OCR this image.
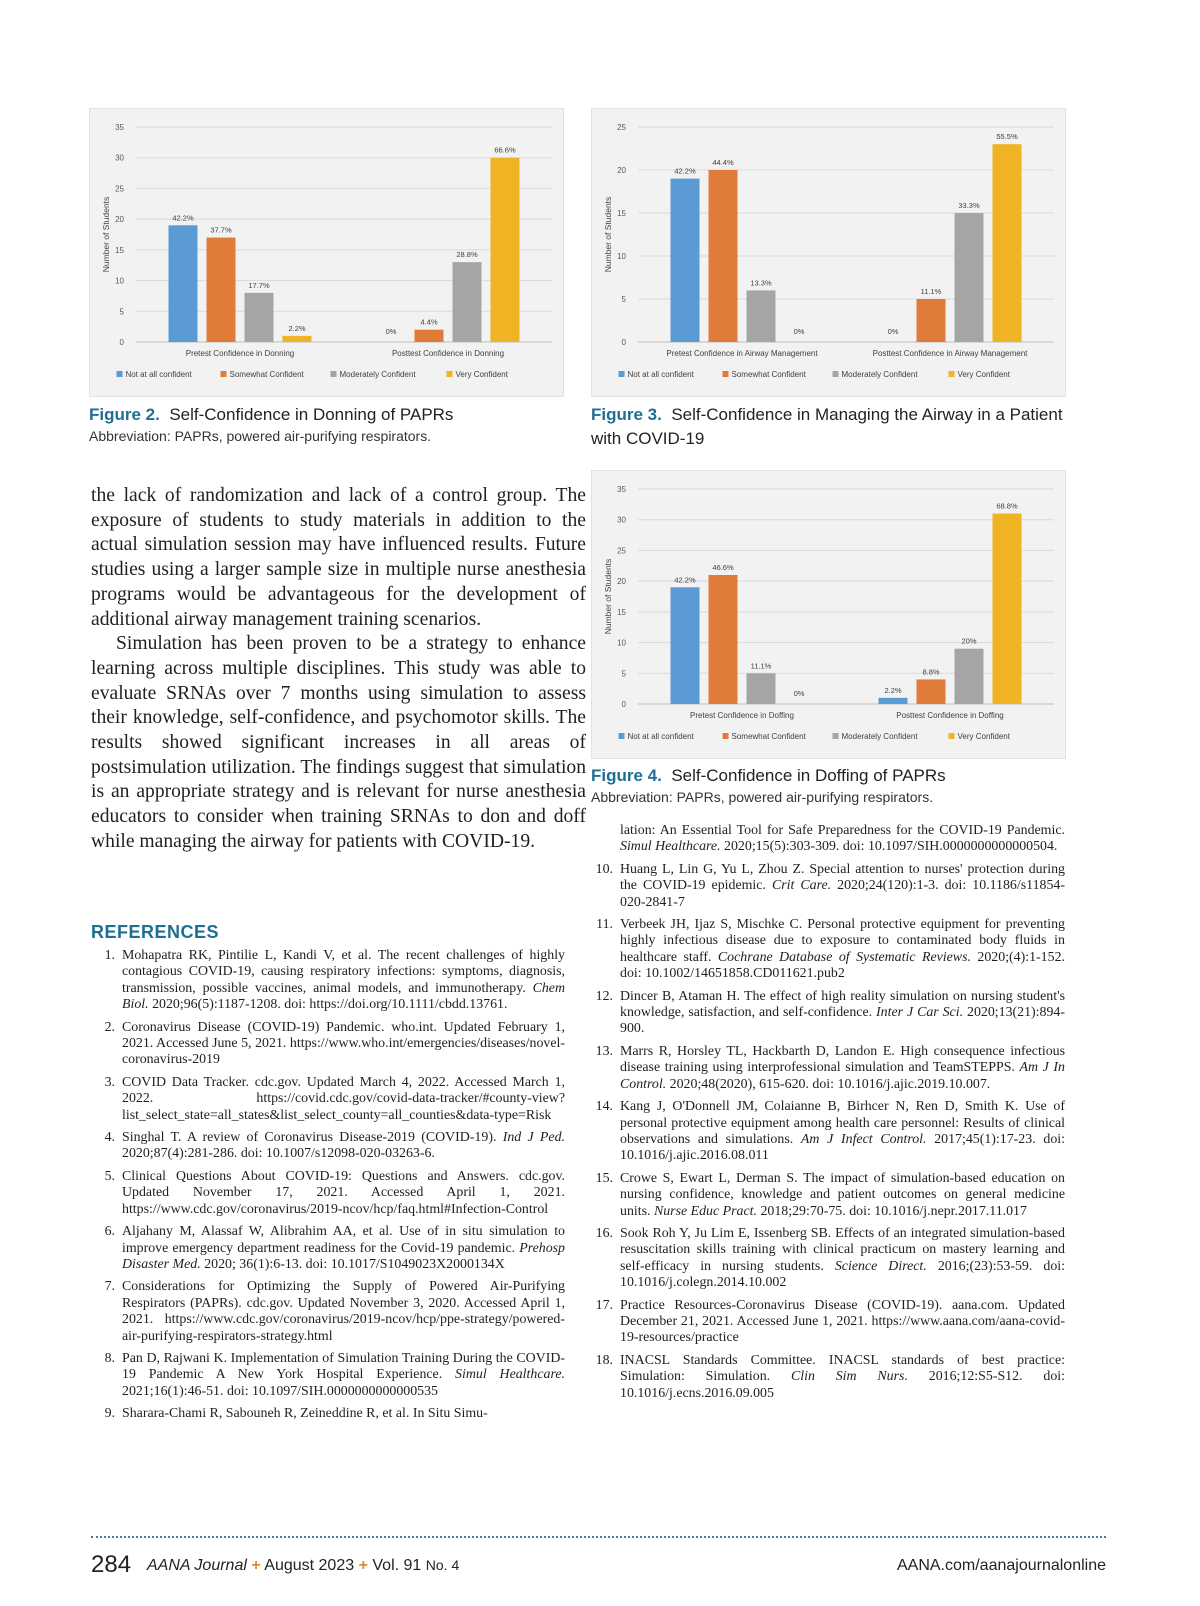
0
5
10
15
20
25
30
35
Number of Students	42.2%
37.7%
17.7%
2.2%
Pretest Confidence in Donning
4.4%
28.8%
66.6%
Posttest Confidence in Donning
0%
Not at all confident	Somewhat Confident	Moderately Confident	Very Confident
Figure 2. Self-Confidence in Donning of PAPRs
Abbreviation: PAPRs, powered air-purifying respirators.
0
5
10
15
20
25
Number of Students
42.2%
44.4%
13.3%
Pretest Confidence in Airway Management
11.1%
33.3%
55.5%
Posttest Confidence in Airway Management
0%	0%
Not at all confident	Somewhat Confident	Moderately Confident	Very Confident
Figure 3. Self-Confidence in Managing the Airway in a Patient with COVID-19
0
5
10
15
20
25
30
35
Number of Students	42.2%
46.6%
11.1%
Pretest Confidence in Doffing
2.2%
8.8%
20%
68.8%
Posttest Confidence in Doffing
0%
Not at all confident	Somewhat Confident	Moderately Confident	Very Confident
Figure 4. Self-Confidence in Doffing of PAPRs
Abbreviation: PAPRs, powered air-purifying respirators.

the lack of randomization and lack of a control group. The exposure of students to study materials in addition to the actual simulation session may have influenced results. Future studies using a larger sample size in multiple nurse anesthesia programs would be advantageous for the development of additional airway management training scenarios.

Simulation has been proven to be a strategy to enhance learning across multiple disciplines. This study was able to evaluate SRNAs over 7 months using simulation to assess their knowledge, self-confidence, and psychomotor skills. The results showed significant increases in all areas of postsimulation utilization. The findings suggest that simulation is an appropriate strategy and is relevant for nurse anesthesia educators to consider when training SRNAs to don and doff while managing the airway for patients with COVID-19.

REFERENCES
1. Mohapatra RK, Pintilie L, Kandi V, et al. The recent challenges of highly contagious COVID-19, causing respiratory infections: symptoms, diagnosis, transmission, possible vaccines, animal models, and immunotherapy. Chem Biol. 2020;96(5):1187-1208. doi: https://doi.org/10.1111/cbdd.13761.
2. Coronavirus Disease (COVID-19) Pandemic. who.int. Updated February 1, 2021. Accessed June 5, 2021. https://www.who.int/emergencies/diseases/novel-coronavirus-2019
3. COVID Data Tracker. cdc.gov. Updated March 4, 2022. Accessed March 1, 2022. https://covid.cdc.gov/covid-data-tracker/#county-view?list_select_state=all_states&list_select_county=all_counties&data-type=Risk
4. Singhal T. A review of Coronavirus Disease-2019 (COVID-19). Ind J Ped. 2020;87(4):281-286. doi: 10.1007/s12098-020-03263-6.
5. Clinical Questions About COVID-19: Questions and Answers. cdc.gov. Updated November 17, 2021. Accessed April 1, 2021. https://www.cdc.gov/coronavirus/2019-ncov/hcp/faq.html#Infection-Control
6. Aljahany M, Alassaf W, Alibrahim AA, et al. Use of in situ simulation to improve emergency department readiness for the Covid-19 pandemic. Prehosp Disaster Med. 2020; 36(1):6-13. doi: 10.1017/S1049023X2000134X
7. Considerations for Optimizing the Supply of Powered Air-Purifying Respirators (PAPRs). cdc.gov. Updated November 3, 2020. Accessed April 1, 2021. https://www.cdc.gov/coronavirus/2019-ncov/hcp/ppe-strategy/powered-air-purifying-respirators-strategy.html
8. Pan D, Rajwani K. Implementation of Simulation Training During the COVID-19 Pandemic A New York Hospital Experience. Simul Healthcare. 2021;16(1):46-51. doi: 10.1097/SIH.0000000000000535
9. Sharara-Chami R, Sabouneh R, Zeineddine R, et al. In Situ Simu-
lation: An Essential Tool for Safe Preparedness for the COVID-19 Pandemic. Simul Healthcare. 2020;15(5):303-309. doi: 10.1097/SIH.0000000000000504.
10. Huang L, Lin G, Yu L, Zhou Z. Special attention to nurses' protection during the COVID-19 epidemic. Crit Care. 2020;24(120):1-3. doi: 10.1186/s11854-020-2841-7
11. Verbeek JH, Ijaz S, Mischke C. Personal protective equipment for preventing highly infectious disease due to exposure to contaminated body fluids in healthcare staff. Cochrane Database of Systematic Reviews. 2020;(4):1-152. doi: 10.1002/14651858.CD011621.pub2
12. Dincer B, Ataman H. The effect of high reality simulation on nursing student's knowledge, satisfaction, and self-confidence. Inter J Car Sci. 2020;13(21):894-900.
13. Marrs R, Horsley TL, Hackbarth D, Landon E. High consequence infectious disease training using interprofessional simulation and TeamSTEPPS. Am J In Control. 2020;48(2020), 615-620. doi: 10.1016/j.ajic.2019.10.007.
14. Kang J, O'Donnell JM, Colaianne B, Birhcer N, Ren D, Smith K. Use of personal protective equipment among health care personnel: Results of clinical observations and simulations. Am J Infect Control. 2017;45(1):17-23. doi: 10.1016/j.ajic.2016.08.011
15. Crowe S, Ewart L, Derman S. The impact of simulation-based education on nursing confidence, knowledge and patient outcomes on general medicine units. Nurse Educ Pract. 2018;29:70-75. doi: 10.1016/j.nepr.2017.11.017
16. Sook Roh Y, Ju Lim E, Issenberg SB. Effects of an integrated simulation-based resuscitation skills training with clinical practicum on mastery learning and self-efficacy in nursing students. Science Direct. 2016;(23):53-59. doi: 10.1016/j.colegn.2014.10.002
17. Practice Resources-Coronavirus Disease (COVID-19). aana.com. Updated December 21, 2021. Accessed June 1, 2021. https://www.aana.com/aana-covid-19-resources/practice
18. INACSL Standards Committee. INACSL standards of best practice: Simulation: Simulation. Clin Sim Nurs. 2016;12:S5-S12. doi: 10.1016/j.ecns.2016.09.005
284 AANA Journal + August 2023 + Vol. 91 No. 4	AANA.com/aanajournalonline
